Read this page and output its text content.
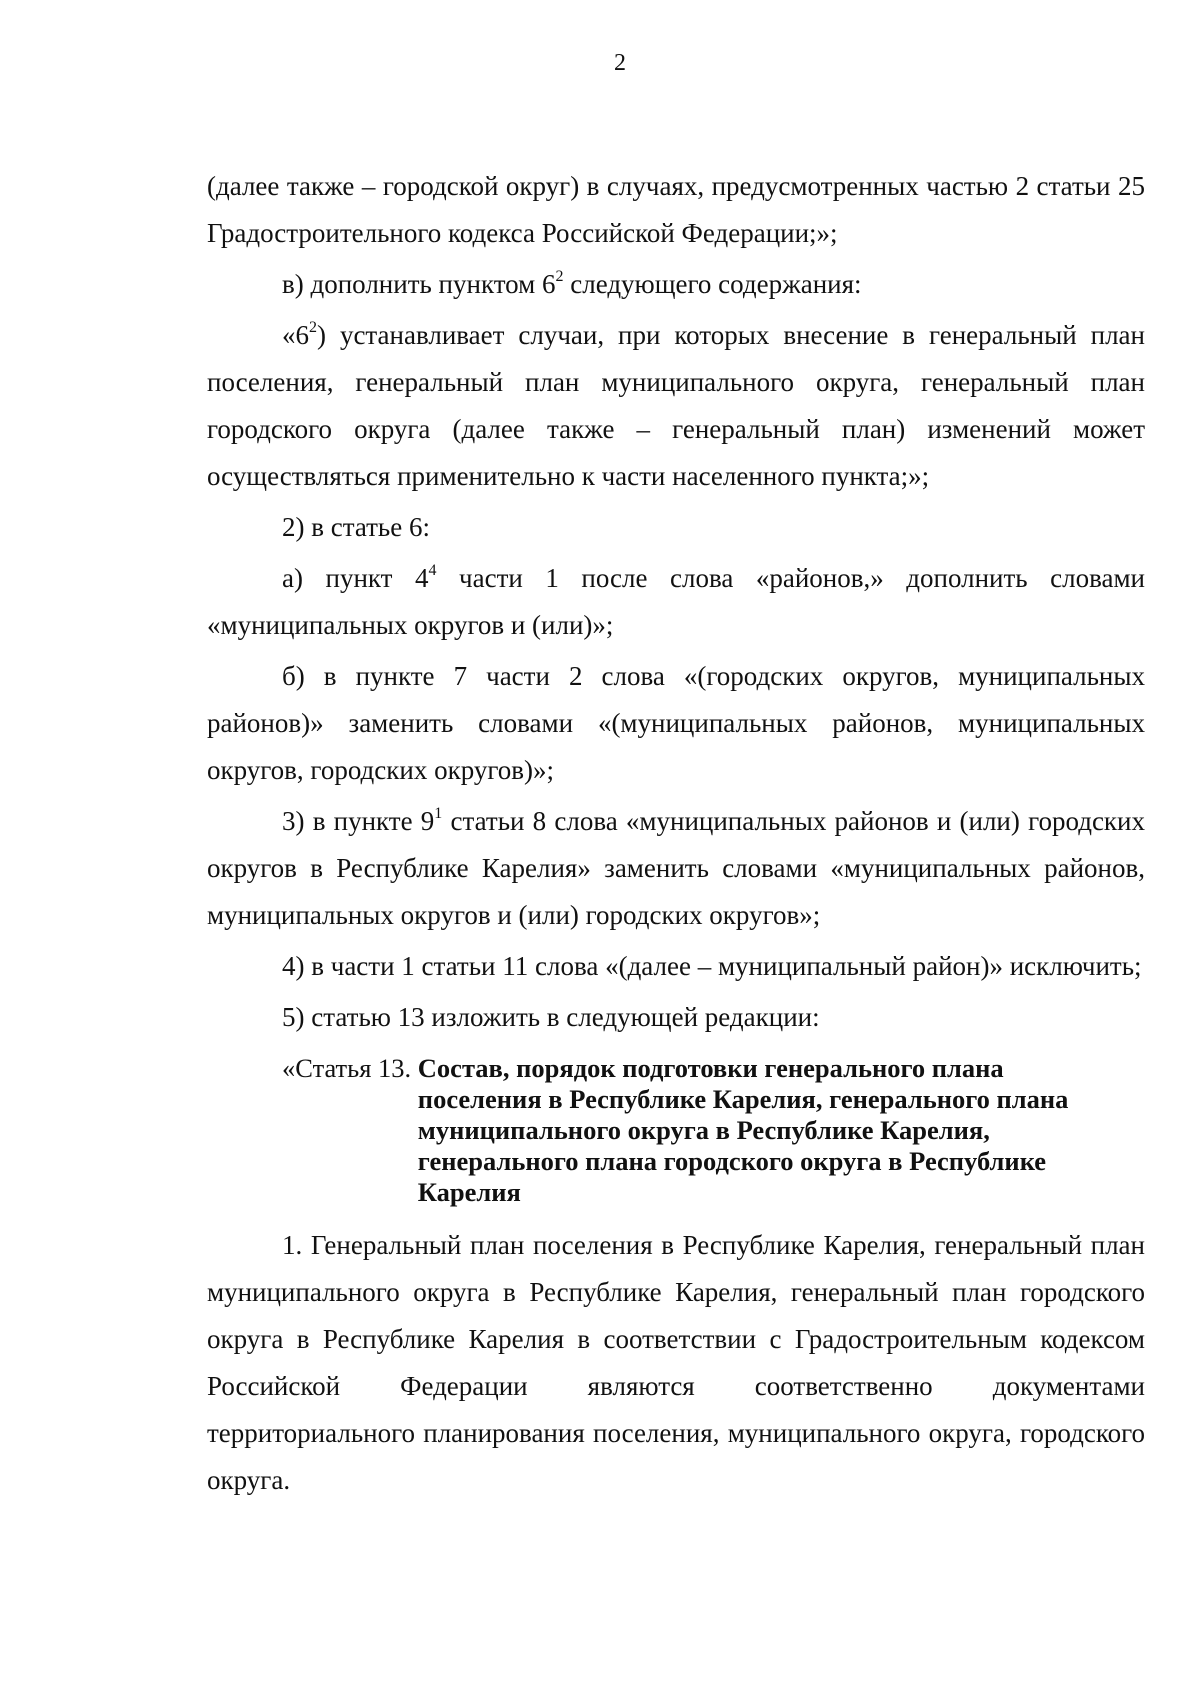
2

(далее также – городской округ) в случаях, предусмотренных частью 2 статьи 25 Градостроительного кодекса Российской Федерации;»;

в) дополнить пунктом $6^2$ следующего содержания:

«$6^2$) устанавливает случаи, при которых внесение в генеральный план поселения, генеральный план муниципального округа, генеральный план городского округа (далее также – генеральный план) изменений может осуществляться применительно к части населенного пункта;»;

2) в статье 6:

а) пункт $4^4$ части 1 после слова «районов,» дополнить словами «муниципальных округов и (или)»;

б) в пункте 7 части 2 слова «(городских округов, муниципальных районов)» заменить словами «(муниципальных районов, муниципальных округов, городских округов)»;

3) в пункте $9^1$ статьи 8 слова «муниципальных районов и (или) городских округов в Республике Карелия» заменить словами «муниципальных районов, муниципальных округов и (или) городских округов»;

4) в части 1 статьи 11 слова «(далее – муниципальный район)» исключить;

5) статью 13 изложить в следующей редакции:

«Статья 13. Состав, порядок подготовки генерального плана поселения в Республике Карелия, генерального плана муниципального округа в Республике Карелия, генерального плана городского округа в Республике Карелия

1. Генеральный план поселения в Республике Карелия, генеральный план муниципального округа в Республике Карелия, генеральный план городского округа в Республике Карелия в соответствии с Градостроительным кодексом Российской Федерации являются соответственно документами территориального планирования поселения, муниципального округа, городского округа.
